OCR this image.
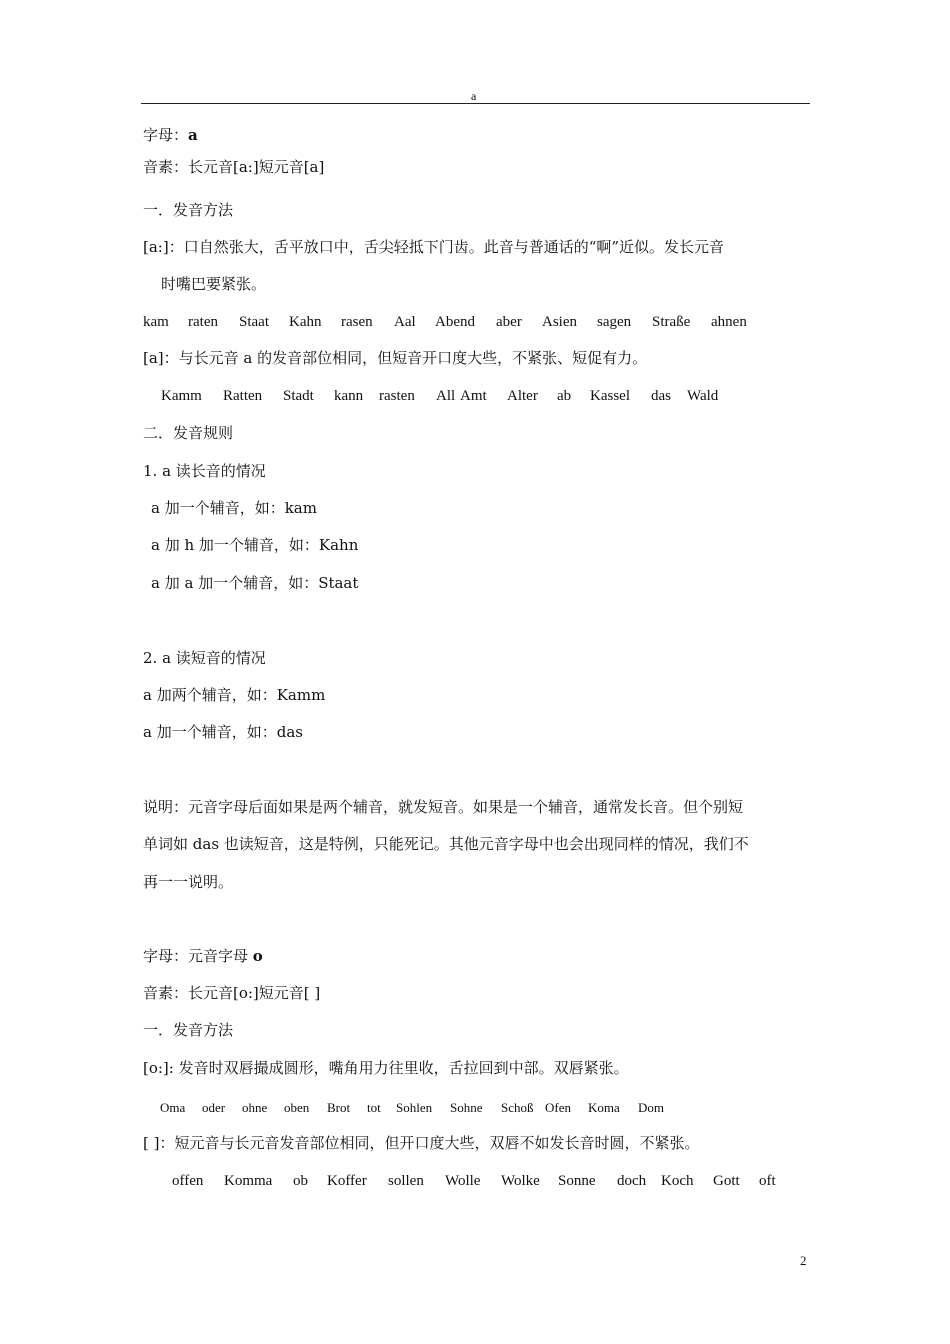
a
字母：a
音素：长元音[a:]短元音[a]
一．发音方法
[a:]：口自然张大，舌平放口中，舌尖轻抵下门齿。此音与普通话的“啊”近似。发长元音
时嘴巴要紧张。
kam	raten	Staat	Kahn	rasen	Aal	Abend	aber	Asien	sagen	Straße	ahnen
[a]：与长元音 a 的发音部位相同，但短音开口度大些，不紧张、短促有力。
Kamm	Ratten	Stadt	kann	rasten	All Amt	Alter	ab	Kassel	das	Wald
二．发音规则
1. a 读长音的情况
a 加一个辅音，如：kam
a 加 h 加一个辅音，如：Kahn
a 加 a 加一个辅音，如：Staat
2. a 读短音的情况
a 加两个辅音，如：Kamm
a 加一个辅音，如：das
说明：元音字母后面如果是两个辅音，就发短音。如果是一个辅音，通常发长音。但个别短
单词如 das 也读短音，这是特例，只能死记。其他元音字母中也会出现同样的情况，我们不
再一一说明。
字母：元音字母 o
音素：长元音[o:]短元音[ ]
一．发音方法
[o:]: 发音时双唇撮成圆形，嘴角用力往里收，舌拉回到中部。双唇紧张。
Oma	oder	ohne	oben	Brot	tot	Sohlen	Sohne	Schoß Ofen	Koma	Dom
[ ]：短元音与长元音发音部位相同，但开口度大些，双唇不如发长音时圆，不紧张。
offen	Komma	ob	Koffer	sollen	Wolle	Wolke	Sonne	doch Koch	Gott	oft
2
